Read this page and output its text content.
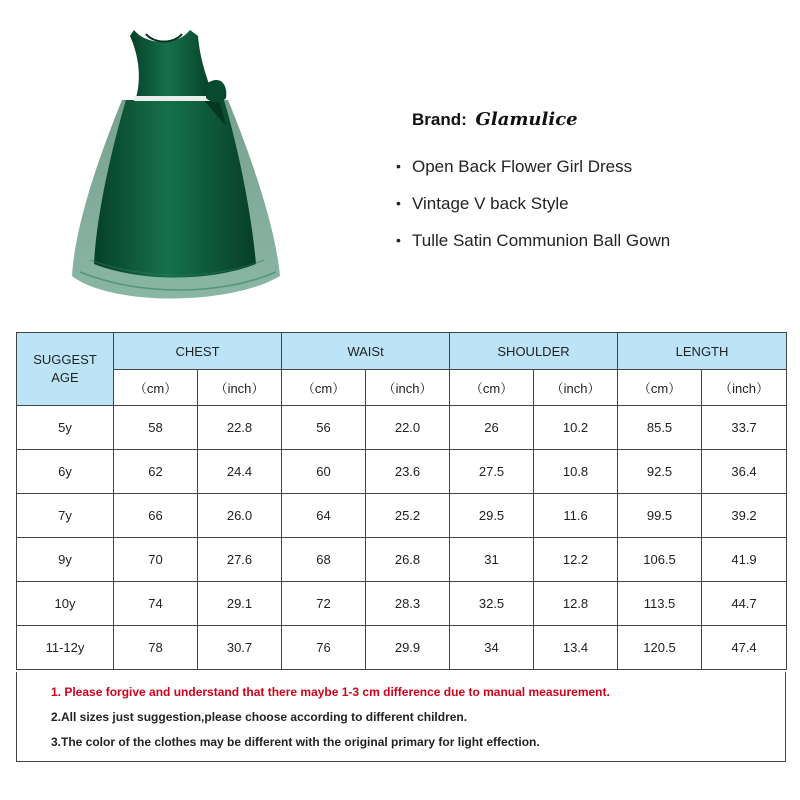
Brand: Glamulice
• Open Back Flower Girl Dress
• Vintage V back Style
• Tulle Satin Communion Ball Gown
SUGGEST
AGE	CHEST		WAISt		SHOULDER		LENGTH	
	（cm）	（inch）	（cm）	（inch）	（cm）	（inch）	（cm）	（inch）
5y	58	22.8	56	22.0	26	10.2	85.5	33.7
6y	62	24.4	60	23.6	27.5	10.8	92.5	36.4
7y	66	26.0	64	25.2	29.5	11.6	99.5	39.2
9y	70	27.6	68	26.8	31	12.2	106.5	41.9
10y	74	29.1	72	28.3	32.5	12.8	113.5	44.7
11-12y	78	30.7	76	29.9	34	13.4	120.5	47.4
1. Please forgive and understand that there maybe 1-3 cm difference due to manual measurement.
2.All sizes just suggestion,please choose according to different children.
3.The color of the clothes may be different with the original primary for light effection.
